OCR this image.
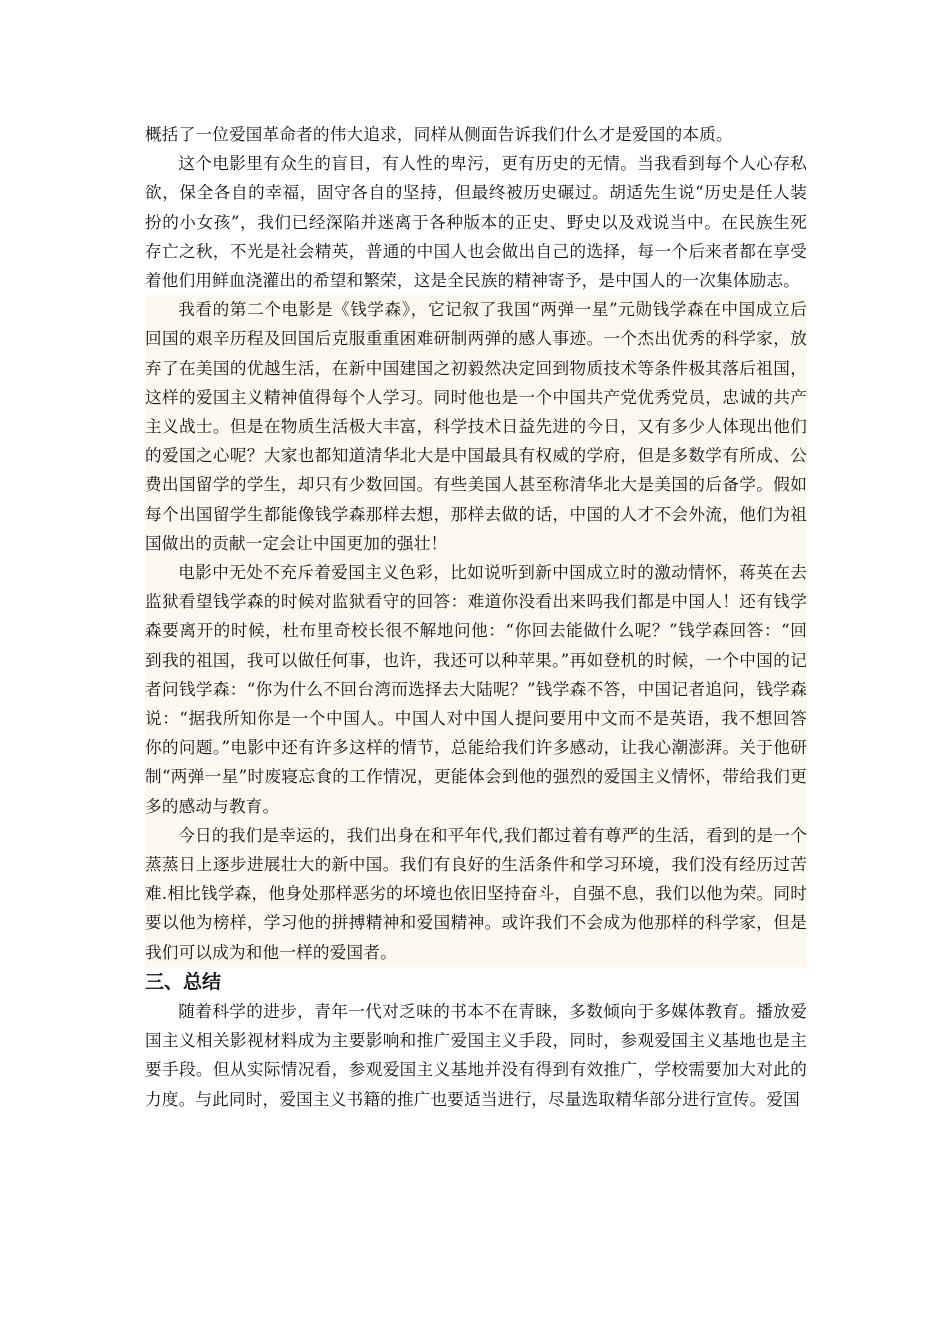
概括了一位爱国革命者的伟大追求，同样从侧面告诉我们什么才是爱国的本质。

这个电影里有众生的盲目，有人性的卑污，更有历史的无情。当我看到每个人心存私欲，保全各自的幸福，固守各自的坚持，但最终被历史碾过。胡适先生说“历史是任人装扮的小女孩”，我们已经深陷并迷离于各种版本的正史、野史以及戏说当中。在民族生死存亡之秋，不光是社会精英，普通的中国人也会做出自己的选择，每一个后来者都在享受着他们用鲜血浇灌出的希望和繁荣，这是全民族的精神寄予，是中国人的一次集体励志。

我看的第二个电影是《钱学森》，它记叙了我国“两弹一星”元勋钱学森在中国成立后回国的艰辛历程及回国后克服重重困难研制两弹的感人事迹。一个杰出优秀的科学家，放弃了在美国的优越生活，在新中国建国之初毅然决定回到物质技术等条件极其落后祖国，这样的爱国主义精神值得每个人学习。同时他也是一个中国共产党优秀党员，忠诚的共产主义战士。但是在物质生活极大丰富，科学技术日益先进的今日，又有多少人体现出他们的爱国之心呢？大家也都知道清华北大是中国最具有权威的学府，但是多数学有所成、公费出国留学的学生，却只有少数回国。有些美国人甚至称清华北大是美国的后备学。假如每个出国留学生都能像钱学森那样去想，那样去做的话，中国的人才不会外流，他们为祖国做出的贡献一定会让中国更加的强壮！

电影中无处不充斥着爱国主义色彩，比如说听到新中国成立时的激动情怀，蒋英在去监狱看望钱学森的时候对监狱看守的回答：难道你没看出来吗我们都是中国人！还有钱学森要离开的时候，杜布里奇校长很不解地问他：“你回去能做什么呢？”钱学森回答：“回到我的祖国，我可以做任何事，也许，我还可以种苹果。”再如登机的时候，一个中国的记者问钱学森：“你为什么不回台湾而选择去大陆呢？”钱学森不答，中国记者追问，钱学森说：“据我所知你是一个中国人。中国人对中国人提问要用中文而不是英语，我不想回答你的问题。”电影中还有许多这样的情节，总能给我们许多感动，让我心潮澎湃。关于他研制“两弹一星”时废寝忘食的工作情况，更能体会到他的强烈的爱国主义情怀，带给我们更多的感动与教育。

今日的我们是幸运的，我们出身在和平年代,我们都过着有尊严的生活，看到的是一个蒸蒸日上逐步进展壮大的新中国。我们有良好的生活条件和学习环境，我们没有经历过苦难.相比钱学森，他身处那样恶劣的坏境也依旧坚持奋斗，自强不息，我们以他为荣。同时要以他为榜样，学习他的拼搏精神和爱国精神。或许我们不会成为他那样的科学家，但是我们可以成为和他一样的爱国者。

三、总结

随着科学的进步，青年一代对乏味的书本不在青睐，多数倾向于多媒体教育。播放爱国主义相关影视材料成为主要影响和推广爱国主义手段，同时，参观爱国主义基地也是主要手段。但从实际情况看，参观爱国主义基地并没有得到有效推广，学校需要加大对此的力度。与此同时，爱国主义书籍的推广也要适当进行，尽量选取精华部分进行宣传。爱国
